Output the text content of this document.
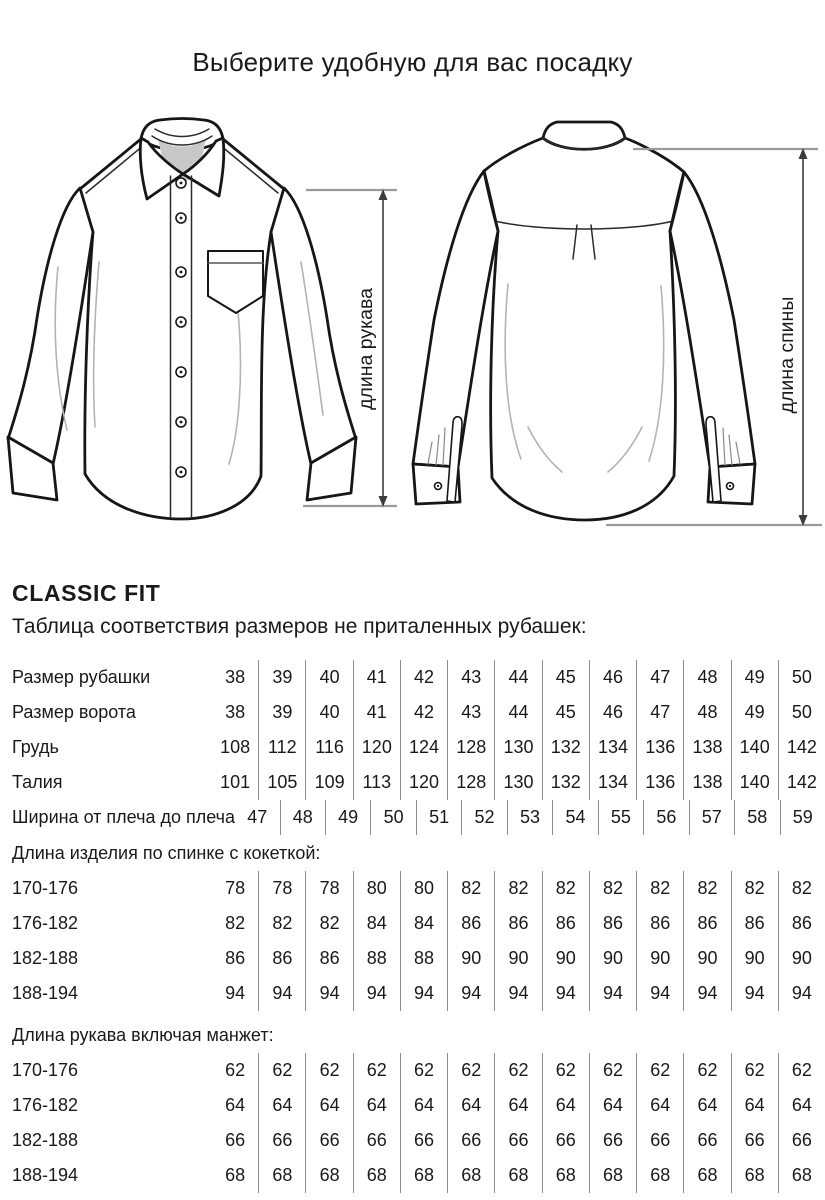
Выберите удобную для вас посадку
длина рукава	длина спины
CLASSIC FIT
Таблица соответствия размеров не приталенных рубашек:
Размер рубашки	38	39	40	41	42	43	44	45	46	47	48	49	50
Размер ворота	38	39	40	41	42	43	44	45	46	47	48	49	50
Грудь	108 112	116 120 124 128 130 132 134 136 138 140 142
Талия	101 105 109 113 120 128 130 132 134 136 138 140 142
Ширина от плеча до плеча 47	48	49	50	51	52	53	54	55	56	57	58	59
Длина изделия по спинке с кокеткой:
170-176	78	78	78	80	80	82	82	82	82	82	82	82	82
176-182	82	82	82	84	84	86	86	86	86	86	86	86	86
182-188	86	86	86	88	88	90	90	90	90	90	90	90	90
188-194	94	94	94	94	94	94	94	94	94	94	94	94	94
Длина рукава включая манжет:
170-176	62	62	62	62	62	62	62	62	62	62	62	62	62
176-182	64	64	64	64	64	64	64	64	64	64	64	64	64
182-188	66	66	66	66	66	66	66	66	66	66	66	66	66
188-194	68	68	68	68	68	68	68	68	68	68	68	68	68
